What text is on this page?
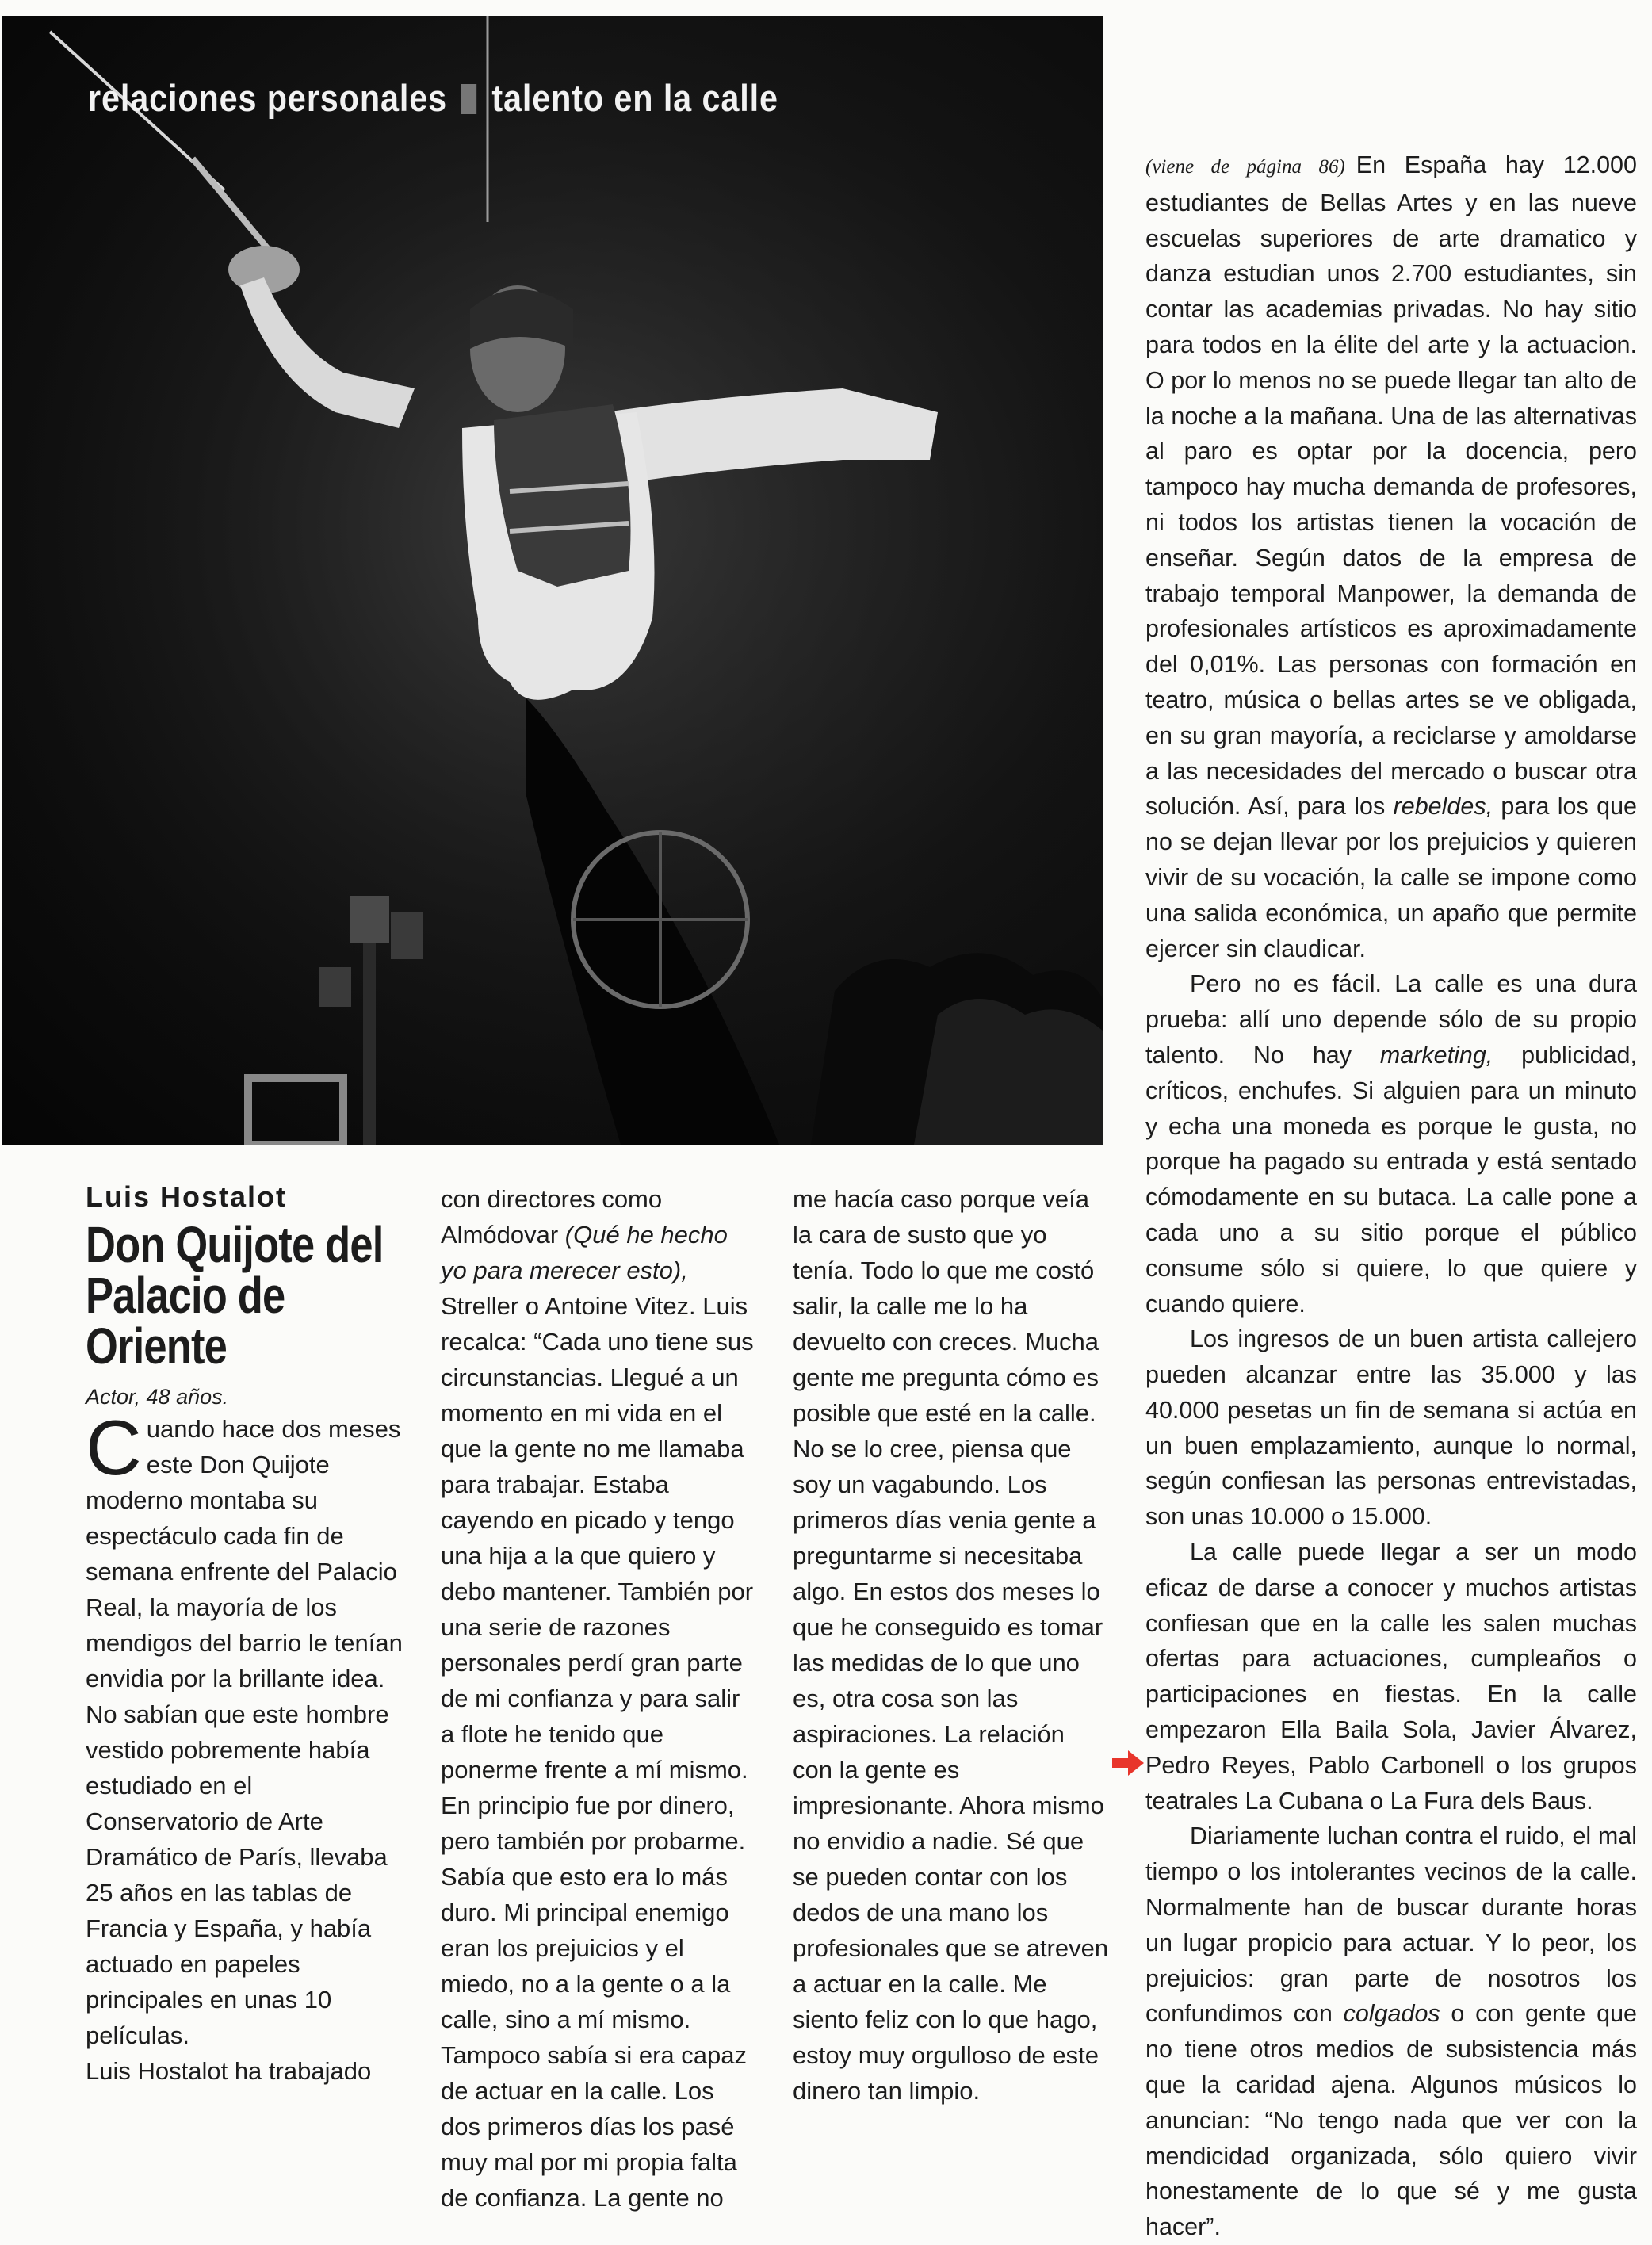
relaciones personales talento en la calle

Luis Hostalot

Don Quijote del Palacio de Oriente

Actor, 48 años.

Cuando hace dos meses este Don Quijote moderno montaba su espectáculo cada fin de semana enfrente del Palacio Real, la mayoría de los mendigos del barrio le tenían envidia por la brillante idea. No sabían que este hombre vestido pobremente había estudiado en el Conservatorio de Arte Dramático de París, llevaba 25 años en las tablas de Francia y España, y había actuado en papeles principales en unas 10 películas.

Luis Hostalot ha trabajado

con directores como Almódovar (Qué he hecho yo para merecer esto), Streller o Antoine Vitez. Luis recalca: “Cada uno tiene sus circunstancias. Llegué a un momento en mi vida en el que la gente no me llamaba para trabajar. Estaba cayendo en picado y tengo una hija a la que quiero y debo mantener. También por una serie de razones personales perdí gran parte de mi confianza y para salir a flote he tenido que ponerme frente a mí mismo. En principio fue por dinero, pero también por probarme. Sabía que esto era lo más duro. Mi principal enemigo eran los prejuicios y el miedo, no a la gente o a la calle, sino a mí mismo. Tampoco sabía si era capaz de actuar en la calle. Los dos primeros días los pasé muy mal por mi propia falta de confianza. La gente no

me hacía caso porque veía la cara de susto que yo tenía. Todo lo que me costó salir, la calle me lo ha devuelto con creces. Mucha gente me pregunta cómo es posible que esté en la calle. No se lo cree, piensa que soy un vagabundo. Los primeros días venia gente a preguntarme si necesitaba algo. En estos dos meses lo que he conseguido es tomar las medidas de lo que uno es, otra cosa son las aspiraciones. La relación con la gente es impresionante. Ahora mismo no envidio a nadie. Sé que se pueden contar con los dedos de una mano los profesionales que se atreven a actuar en la calle. Me siento feliz con lo que hago, estoy muy orgulloso de este dinero tan limpio.

(viene de página 86) En España hay 12.000 estudiantes de Bellas Artes y en las nueve escuelas superiores de arte dramatico y danza estudian unos 2.700 estudiantes, sin contar las academias privadas. No hay sitio para todos en la élite del arte y la actuacion. O por lo menos no se puede llegar tan alto de la noche a la mañana. Una de las alternativas al paro es optar por la docencia, pero tampoco hay mucha demanda de profesores, ni todos los artistas tienen la vocación de enseñar. Según datos de la empresa de trabajo temporal Manpower, la demanda de profesionales artísticos es aproximadamente del 0,01%. Las personas con formación en teatro, música o bellas artes se ve obligada, en su gran mayoría, a reciclarse y amoldarse a las necesidades del mercado o buscar otra solución. Así, para los rebeldes, para los que no se dejan llevar por los prejuicios y quieren vivir de su vocación, la calle se impone como una salida económica, un apaño que permite ejercer sin claudicar.

Pero no es fácil. La calle es una dura prueba: allí uno depende sólo de su propio talento. No hay marketing, publicidad, críticos, enchufes. Si alguien para un minuto y echa una moneda es porque le gusta, no porque ha pagado su entrada y está sentado cómodamente en su butaca. La calle pone a cada uno a su sitio porque el público consume sólo si quiere, lo que quiere y cuando quiere.

Los ingresos de un buen artista callejero pueden alcanzar entre las 35.000 y las 40.000 pesetas un fin de semana si actúa en un buen emplazamiento, aunque lo normal, según confiesan las personas entrevistadas, son unas 10.000 o 15.000.

La calle puede llegar a ser un modo eficaz de darse a conocer y muchos artistas confiesan que en la calle les salen muchas ofertas para actuaciones, cumpleaños o participaciones en fiestas. En la calle empezaron Ella Baila Sola, Javier Álvarez, Pedro Reyes, Pablo Carbonell o los grupos teatrales La Cubana o La Fura dels Baus.

Diariamente luchan contra el ruido, el mal tiempo o los intolerantes vecinos de la calle. Normalmente han de buscar durante horas un lugar propicio para actuar. Y lo peor, los prejuicios: gran parte de nosotros los confundimos con colgados o con gente que no tiene otros medios de subsistencia más que la caridad ajena. Algunos músicos lo anuncian: “No tengo nada que ver con la mendicidad organizada, sólo quiero vivir honestamente de lo que sé y me gusta hacer”.
